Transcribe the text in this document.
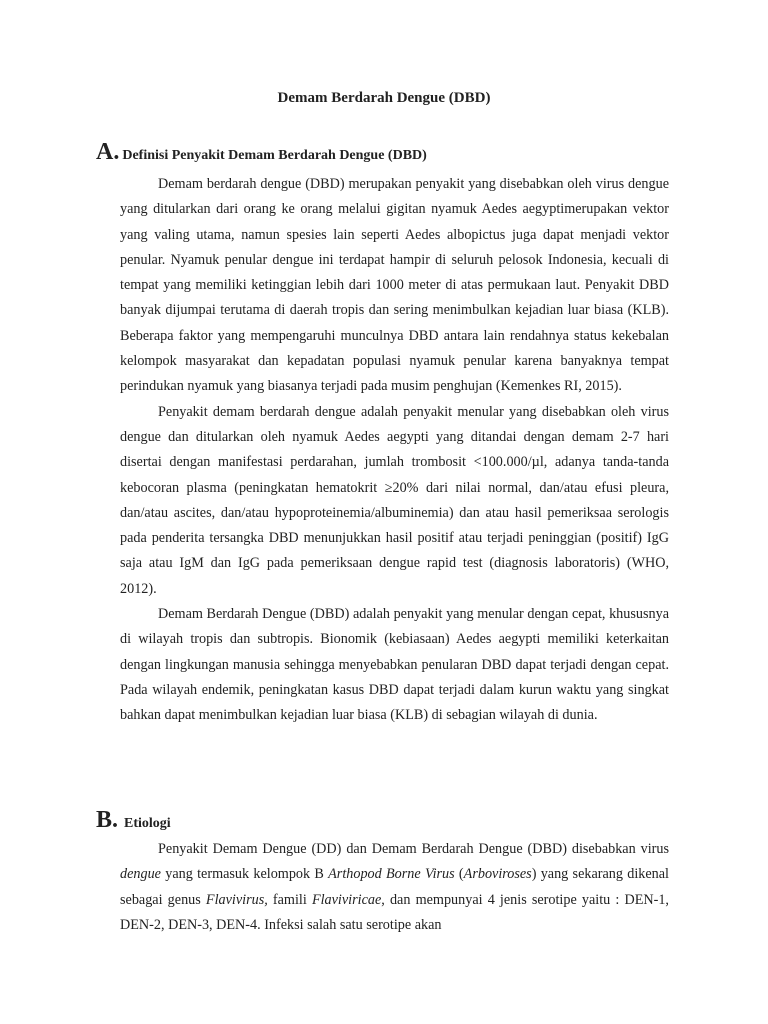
Demam Berdarah Dengue (DBD)
A. Definisi Penyakit Demam Berdarah Dengue (DBD)

Demam berdarah dengue (DBD) merupakan penyakit yang disebabkan oleh virus dengue yang ditularkan dari orang ke orang melalui gigitan nyamuk Aedes aegyptimerupakan vektor yang valing utama, namun spesies lain seperti Aedes albopictus juga dapat menjadi vektor penular. Nyamuk penular dengue ini terdapat hampir di seluruh pelosok Indonesia, kecuali di tempat yang memiliki ketinggian lebih dari 1000 meter di atas permukaan laut. Penyakit DBD banyak dijumpai terutama di daerah tropis dan sering menimbulkan kejadian luar biasa (KLB). Beberapa faktor yang mempengaruhi munculnya DBD antara lain rendahnya status kekebalan kelompok masyarakat dan kepadatan populasi nyamuk penular karena banyaknya tempat perindukan nyamuk yang biasanya terjadi pada musim penghujan (Kemenkes RI, 2015).

Penyakit demam berdarah dengue adalah penyakit menular yang disebabkan oleh virus dengue dan ditularkan oleh nyamuk Aedes aegypti yang ditandai dengan demam 2-7 hari disertai dengan manifestasi perdarahan, jumlah trombosit <100.000/µl, adanya tanda-tanda kebocoran plasma (peningkatan hematokrit ≥20% dari nilai normal, dan/atau efusi pleura, dan/atau ascites, dan/atau hypoproteinemia/albuminemia) dan atau hasil pemeriksaa serologis pada penderita tersangka DBD menunjukkan hasil positif atau terjadi peninggian (positif) IgG saja atau IgM dan IgG pada pemeriksaan dengue rapid test (diagnosis laboratoris) (WHO, 2012).

Demam Berdarah Dengue (DBD) adalah penyakit yang menular dengan cepat, khususnya di wilayah tropis dan subtropis. Bionomik (kebiasaan) Aedes aegypti memiliki keterkaitan dengan lingkungan manusia sehingga menyebabkan penularan DBD dapat terjadi dengan cepat. Pada wilayah endemik, peningkatan kasus DBD dapat terjadi dalam kurun waktu yang singkat bahkan dapat menimbulkan kejadian luar biasa (KLB) di sebagian wilayah di dunia.

B. Etiologi

Penyakit Demam Dengue (DD) dan Demam Berdarah Dengue (DBD) disebabkan virus dengue yang termasuk kelompok B Arthopod Borne Virus (Arboviroses) yang sekarang dikenal sebagai genus Flavivirus, famili Flaviviricae, dan mempunyai 4 jenis serotipe yaitu : DEN-1, DEN-2, DEN-3, DEN-4. Infeksi salah satu serotipe akan
